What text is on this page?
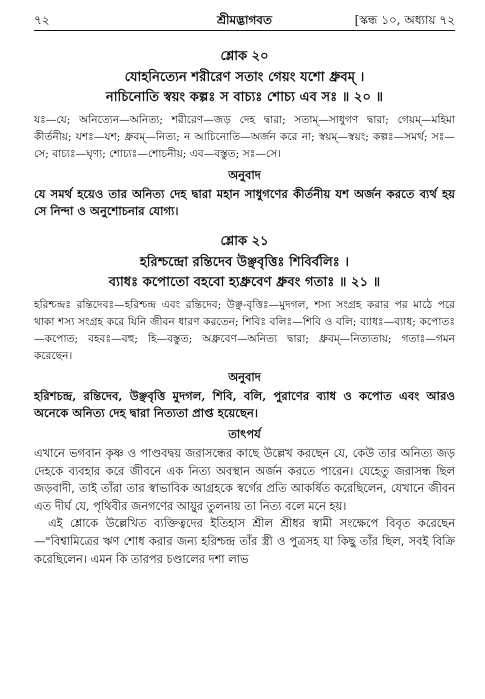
৭২	শ্রীমদ্ভাগবত	[স্কন্ধ ১০, অধ্যায় ৭২
শ্লোক ২০
যোহনিত্যেন শরীরেণ সতাং গেয়ং যশো ধ্রুবম্ ।
নাচিনোতি স্বয়ং কল্পঃ স বাচ্যঃ শোচ্য এব সঃ ॥ ২০ ॥
যঃ—যে; অনিত্যেন—অনিত্য; শরীরেণ—জড় দেহ দ্বারা; সতাম্—সাধুগণ দ্বারা; গেয়ম্—মহিমা কীর্তনীয়; যশঃ—যশ; ধ্রুবম্—নিত্য; ন আচিনোতি—অর্জন করে না; স্বয়ম্—স্বয়ং; কল্পঃ—সমর্থ; সঃ—সে; বাচ্যঃ—ঘৃণ্য; শোচ্যঃ—শোচনীয়; এব—বস্তুত; সঃ—সে।
অনুবাদ
যে সমর্থ হয়েও তার অনিত্য দেহ দ্বারা মহান সাধুগণের কীর্তনীয় যশ অর্জন করতে ব্যর্থ হয় সে নিন্দা ও অনুশোচনার যোগ্য।
শ্লোক ২১
হরিশ্চন্দ্রো রন্তিদেব উঞ্ছবৃত্তিঃ শিবির্বলিঃ ।
ব্যাধঃ কপোতো বহবো হ্যধ্রুবেণ ধ্রুবং গতাঃ ॥ ২১ ॥
হরিশ্চন্দ্রঃ রন্তিদেবঃ—হরিশ্চন্দ্র এবং রন্তিদেব; উঞ্ছ-বৃত্তিঃ—মুদগল, শস্য সংগ্রহ করার পর মাঠে পরে থাকা শস্য সংগ্রহ করে যিনি জীবন ধারণ করতেন; শিবিঃ বলিঃ—শিবি ও বলি; ব্যাধঃ—ব্যাধ; কপোতঃ—কপোত; বহবঃ—বহু; হি—বস্তুত; অধ্রুবেণ—অনিত্য দ্বারা; ধ্রুবম্—নিত্যতায়; গতাঃ—গমন করেছেন।
অনুবাদ
হরিশচন্দ্র, রন্তিদেব, উঞ্ছবৃত্তি মুদগল, শিবি, বলি, পুরাণের ব্যাধ ও কপোত এবং আরও অনেকে অনিত্য দেহ দ্বারা নিত্যতা প্রাপ্ত হয়েছেন।
তাৎপর্য

এখানে ভগবান কৃষ্ণ ও পাণ্ডবদ্বয় জরাসন্ধের কাছে উল্লেখ করছেন যে, কেউ তার অনিত্য জড় দেহকে ব্যবহার করে জীবনে এক নিত্য অবস্থান অর্জন করতে পারেন। যেহেতু জরাসন্ধ ছিল জড়বাদী, তাই তাঁরা তার স্বাভাবিক আগ্রহকে স্বর্গের প্রতি আকর্ষিত করেছিলেন, যেখানে জীবন এত দীর্ঘ যে, পৃথিবীর জনগণের আয়ুর তুলনায় তা নিত্য বলে মনে হয়।

এই শ্লোকে উল্লেখিত ব্যক্তিত্বদের ইতিহাস শ্রীল শ্রীধর স্বামী সংক্ষেপে বিবৃত করেছেন—"বিশ্বামিত্রের ঋণ শোধ করার জন্য হরিশ্চন্দ্র তাঁর স্ত্রী ও পুত্রসহ যা কিছু তাঁর ছিল, সবই বিক্রি করেছিলেন। এমন কি তারপর চণ্ডালের দশা লাভ
